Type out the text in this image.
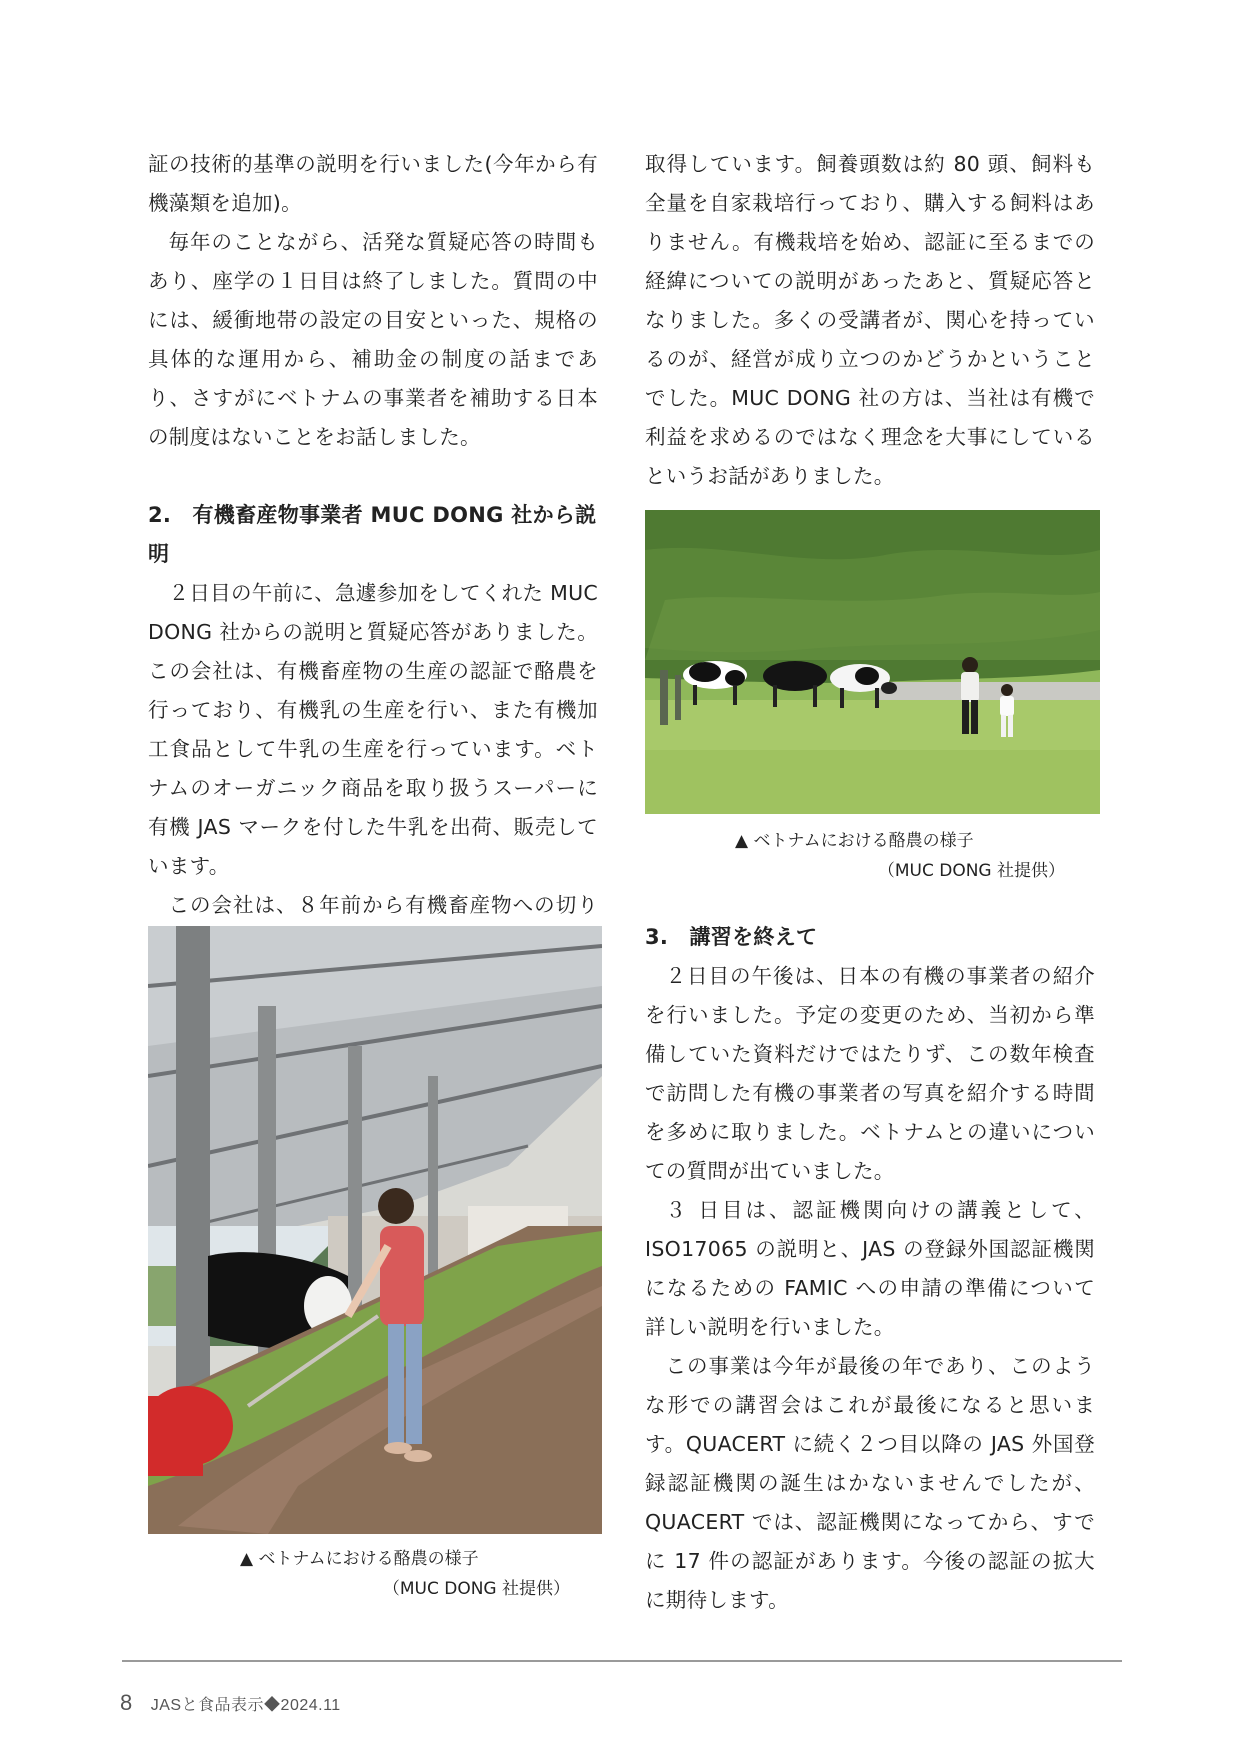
証の技術的基準の説明を行いました(今年から有機藻類を追加)。

毎年のことながら、活発な質疑応答の時間もあり、座学の１日目は終了しました。質問の中には、緩衝地帯の設定の目安といった、規格の具体的な運用から、補助金の制度の話まであり、さすがにベトナムの事業者を補助する日本の制度はないことをお話しました。

2.　有機畜産物事業者 MUC DONG 社から説明

２日目の午前に、急遽参加をしてくれた MUC DONG 社からの説明と質疑応答がありました。この会社は、有機畜産物の生産の認証で酪農を行っており、有機乳の生産を行い、また有機加工食品として牛乳の生産を行っています。ベトナムのオーガニック商品を取り扱うスーパーに有機 JAS マークを付した牛乳を出荷、販売しています。

この会社は、８年前から有機畜産物への切り

取得しています。飼養頭数は約 80 頭、飼料も全量を自家栽培行っており、購入する飼料はありません。有機栽培を始め、認証に至るまでの経緯についての説明があったあと、質疑応答となりました。多くの受講者が、関心を持っているのが、経営が成り立つのかどうかということでした。MUC DONG 社の方は、当社は有機で利益を求めるのではなく理念を大事にしているというお話がありました。

▲ ベトナムにおける酪農の様子
（MUC DONG 社提供）
3.　講習を終えて

２日目の午後は、日本の有機の事業者の紹介を行いました。予定の変更のため、当初から準備していた資料だけではたりず、この数年検査で訪問した有機の事業者の写真を紹介する時間を多めに取りました。ベトナムとの違いについての質問が出ていました。

３ 日目は、認証機関向けの講義として、ISO17065 の説明と、JAS の登録外国認証機関になるための FAMIC への申請の準備について詳しい説明を行いました。

この事業は今年が最後の年であり、このような形での講習会はこれが最後になると思います。QUACERT に続く２つ目以降の JAS 外国登録認証機関の誕生はかないませんでしたが、QUACERT では、認証機関になってから、すでに 17 件の認証があります。今後の認証の拡大に期待します。

▲ ベトナムにおける酪農の様子
（MUC DONG 社提供）
8 JASと食品表示◆2024.11
